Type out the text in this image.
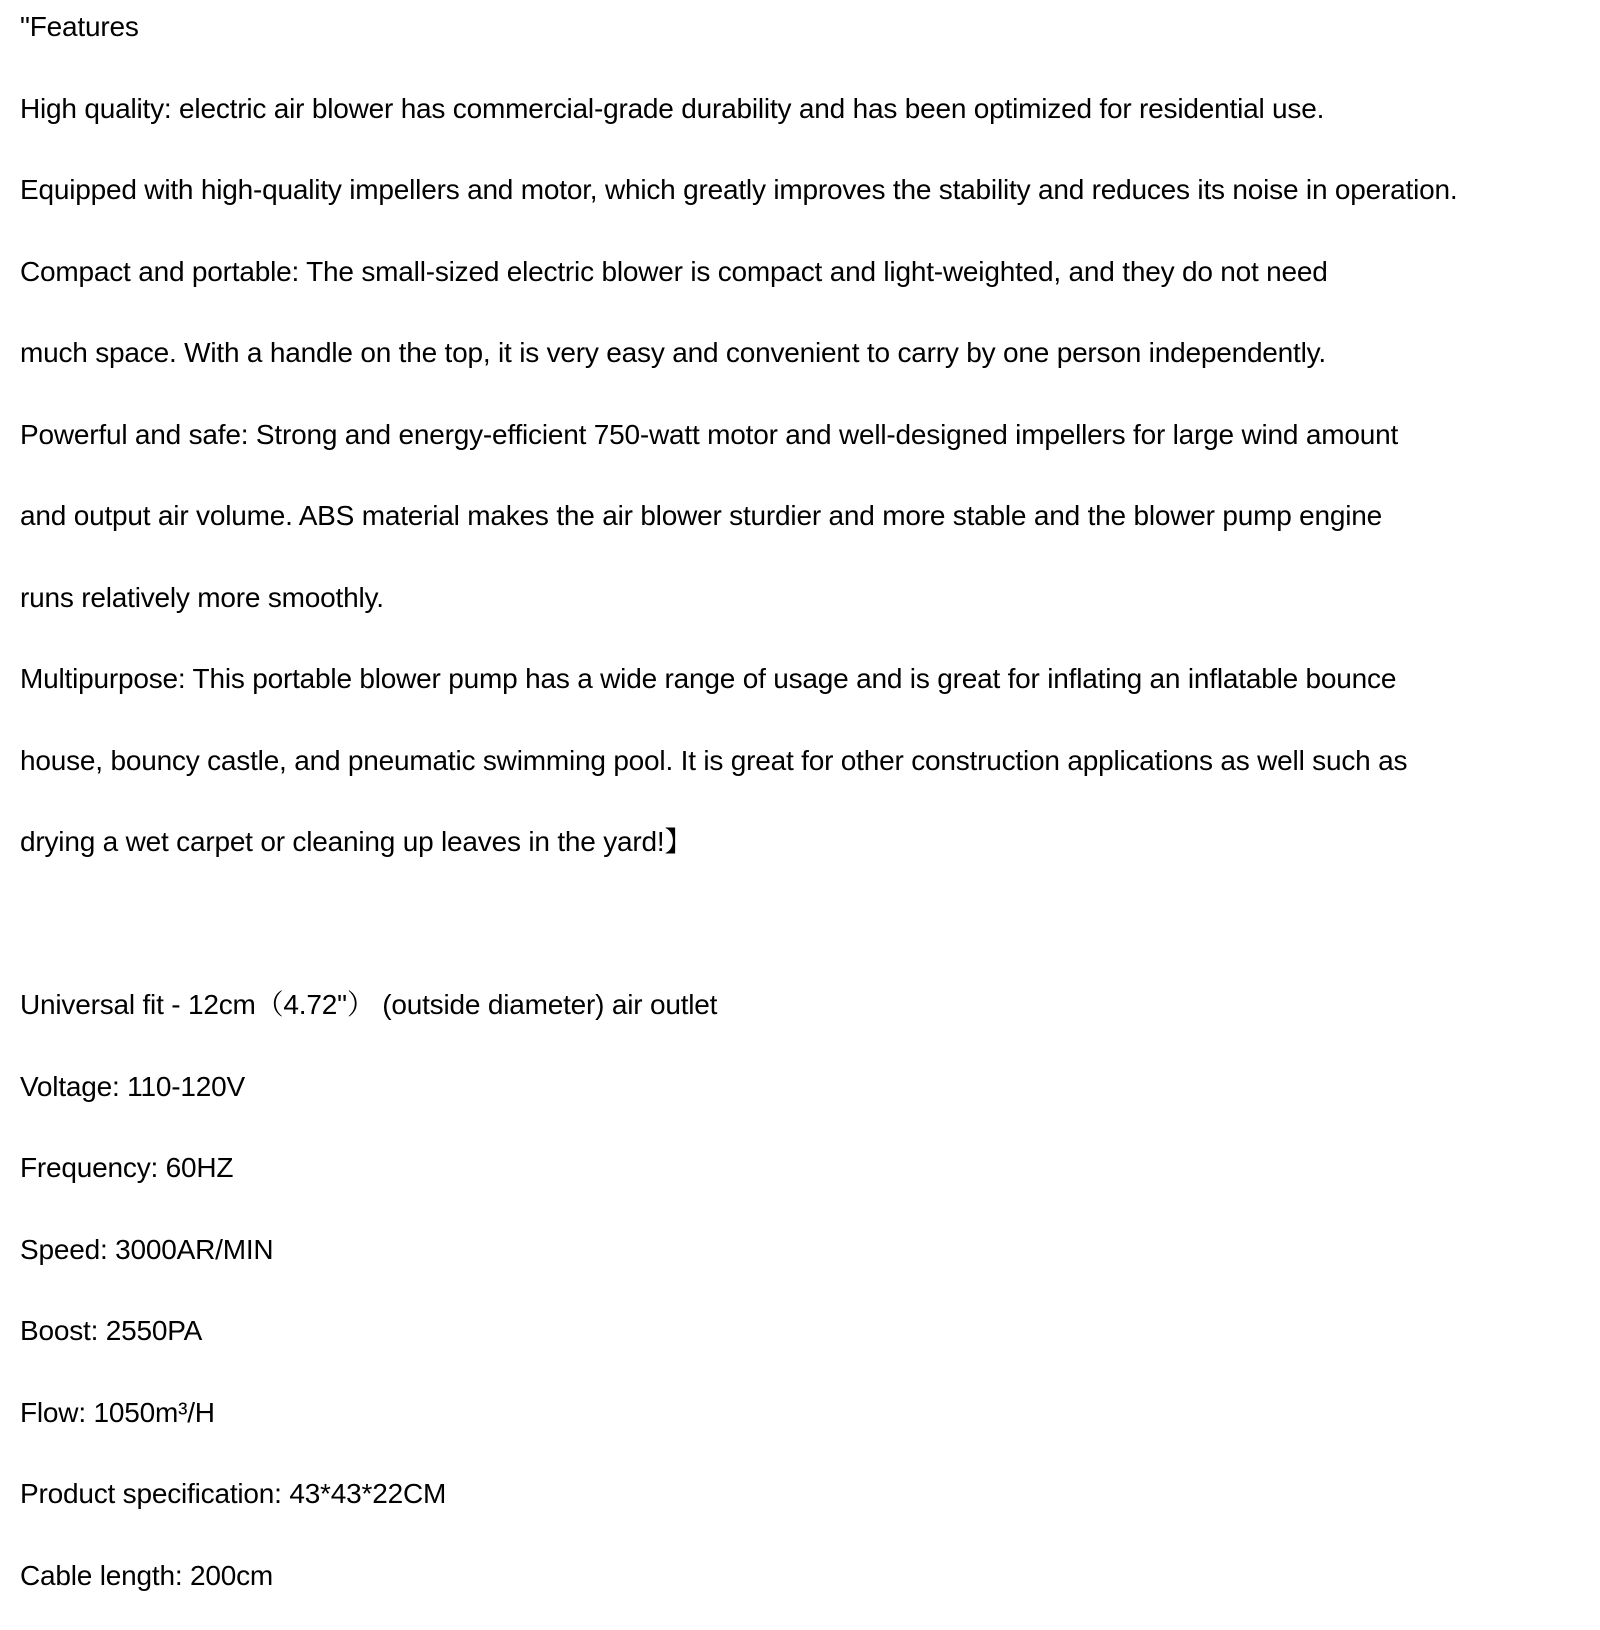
"Features
High quality: electric air blower has commercial-grade durability and has been optimized for residential use.
Equipped with high-quality impellers and motor, which greatly improves the stability and reduces its noise in operation.
Compact and portable: The small-sized electric blower is compact and light-weighted, and they do not need
much space. With a handle on the top, it is very easy and convenient to carry by one person independently.
Powerful and safe: Strong and energy-efficient 750-watt motor and well-designed impellers for large wind amount
and output air volume. ABS material makes the air blower sturdier and more stable and the blower pump engine
runs relatively more smoothly.
Multipurpose: This portable blower pump has a wide range of usage and is great for inflating an inflatable bounce
house, bouncy castle, and pneumatic swimming pool. It is great for other construction applications as well such as
drying a wet carpet or cleaning up leaves in the yard!】
Universal fit - 12cm（4.72"） (outside diameter) air outlet
Voltage: 110-120V
Frequency: 60HZ
Speed: 3000AR/MIN
Boost: 2550PA
Flow: 1050m³/H
Product specification: 43*43*22CM
Cable length: 200cm
